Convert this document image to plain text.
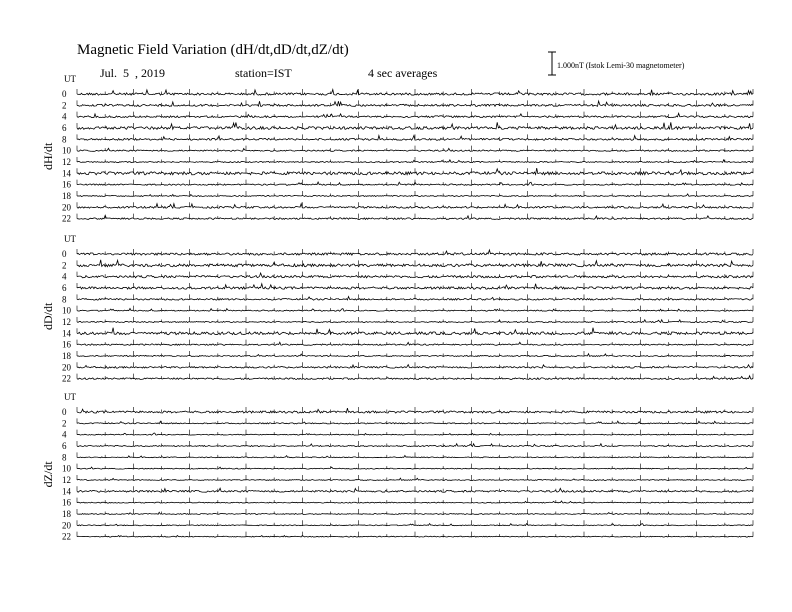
Magnetic Field Variation (dH/dt,dD/dt,dZ/dt)
Jul.  5  , 2019	station=IST	4 sec averages
1.000nT (Istok Lemi-30 magnetometer)
UT
dH/dt
0
2
4
6
8
10
12
14
16
18
20
22
UT
dD/dt
0
2
4
6
8
10
12
14
16
18
20
22
UT
dZ/dt
0
2
4
6
8
10
12
14
16
18
20
22
